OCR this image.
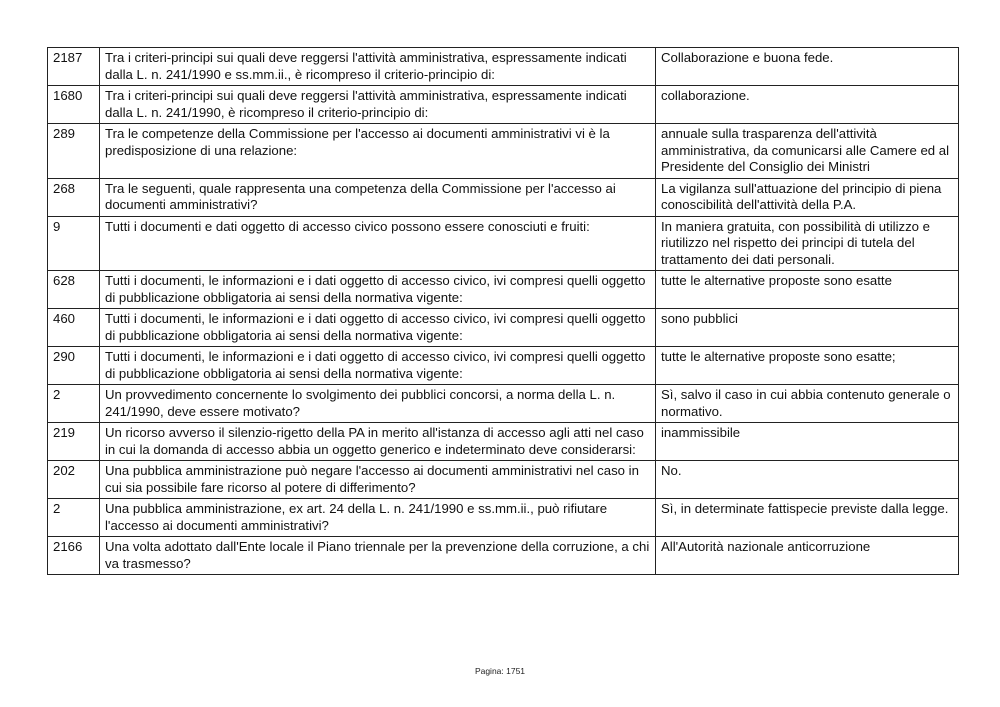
2187	Tra i criteri-principi sui quali deve reggersi l'attività amministrativa, espressamente indicati dalla L. n. 241/1990 e ss.mm.ii., è ricompreso il criterio-principio di:	Collaborazione e buona fede.
1680	Tra i criteri-principi sui quali deve reggersi l'attività amministrativa, espressamente indicati dalla L. n. 241/1990, è ricompreso il criterio-principio di:	collaborazione.
289	Tra le competenze della Commissione per l'accesso ai documenti amministrativi vi è la predisposizione di una relazione:	annuale sulla trasparenza dell'attività amministrativa, da comunicarsi alle Camere ed al Presidente del Consiglio dei Ministri
268	Tra le seguenti, quale rappresenta una competenza della Commissione per l'accesso ai documenti amministrativi?	La vigilanza sull'attuazione del principio di piena conoscibilità dell'attività della P.A.
9	Tutti i documenti e dati oggetto di accesso civico possono essere conosciuti e fruiti:	In maniera gratuita, con possibilità di utilizzo e riutilizzo nel rispetto dei principi di tutela del trattamento dei dati personali.
628	Tutti i documenti, le informazioni e i dati oggetto di accesso civico, ivi compresi quelli oggetto di pubblicazione obbligatoria ai sensi della normativa vigente:	tutte le alternative proposte sono esatte
460	Tutti i documenti, le informazioni e i dati oggetto di accesso civico, ivi compresi quelli oggetto di pubblicazione obbligatoria ai sensi della normativa vigente:	sono pubblici
290	Tutti i documenti, le informazioni e i dati oggetto di accesso civico, ivi compresi quelli oggetto di pubblicazione obbligatoria ai sensi della normativa vigente:	tutte le alternative proposte sono esatte;
2	Un provvedimento concernente lo svolgimento dei pubblici concorsi, a norma della L. n. 241/1990, deve essere motivato?	Sì, salvo il caso in cui abbia contenuto generale o normativo.
219	Un ricorso avverso il silenzio-rigetto della PA in merito all'istanza di accesso agli atti nel caso in cui la domanda di accesso abbia un oggetto generico e indeterminato deve considerarsi:	inammissibile
202	Una pubblica amministrazione può negare l'accesso ai documenti amministrativi nel caso in cui sia possibile fare ricorso al potere di differimento?	No.
2	Una pubblica amministrazione, ex art. 24 della L. n. 241/1990 e ss.mm.ii., può rifiutare l'accesso ai documenti amministrativi?	Sì, in determinate fattispecie previste dalla legge.
2166	Una volta adottato dall'Ente locale il Piano triennale per la prevenzione della corruzione, a chi va trasmesso?	All'Autorità nazionale anticorruzione
Pagina: 1751
